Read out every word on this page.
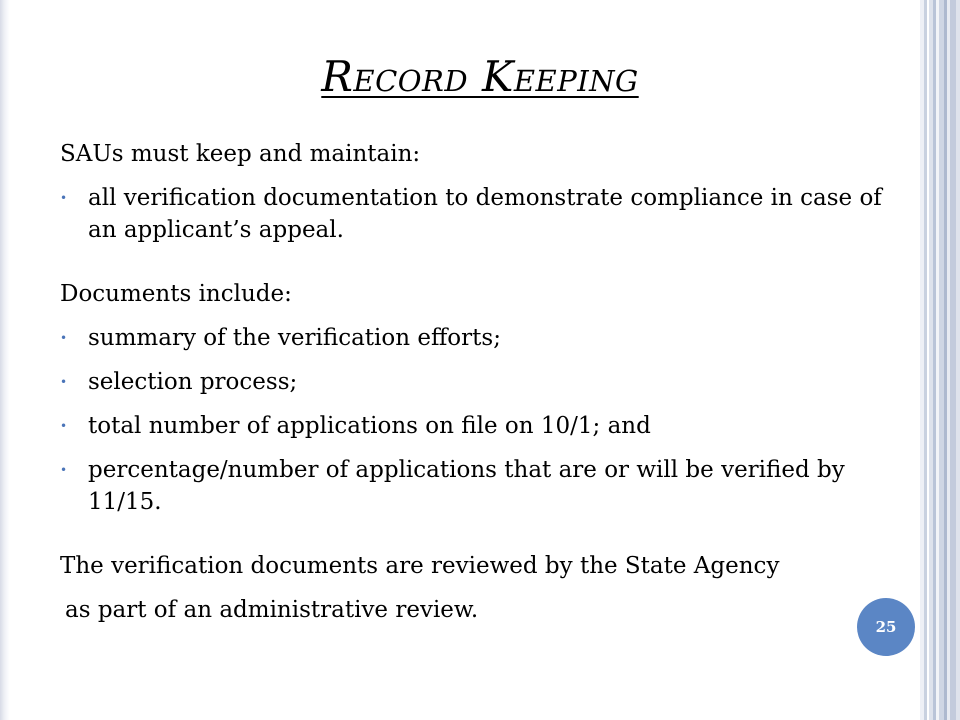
Record Keeping

SAUs must keep and maintain:

• all verification documentation to demonstrate compliance in case of an applicant’s appeal.

Documents include:

• summary of the verification efforts;
• selection process;
• total number of applications on file on 10/1; and
• percentage/number of applications that are or will be verified by 11/15.

The verification documents are reviewed by the State Agency

as part of an administrative review.

25
